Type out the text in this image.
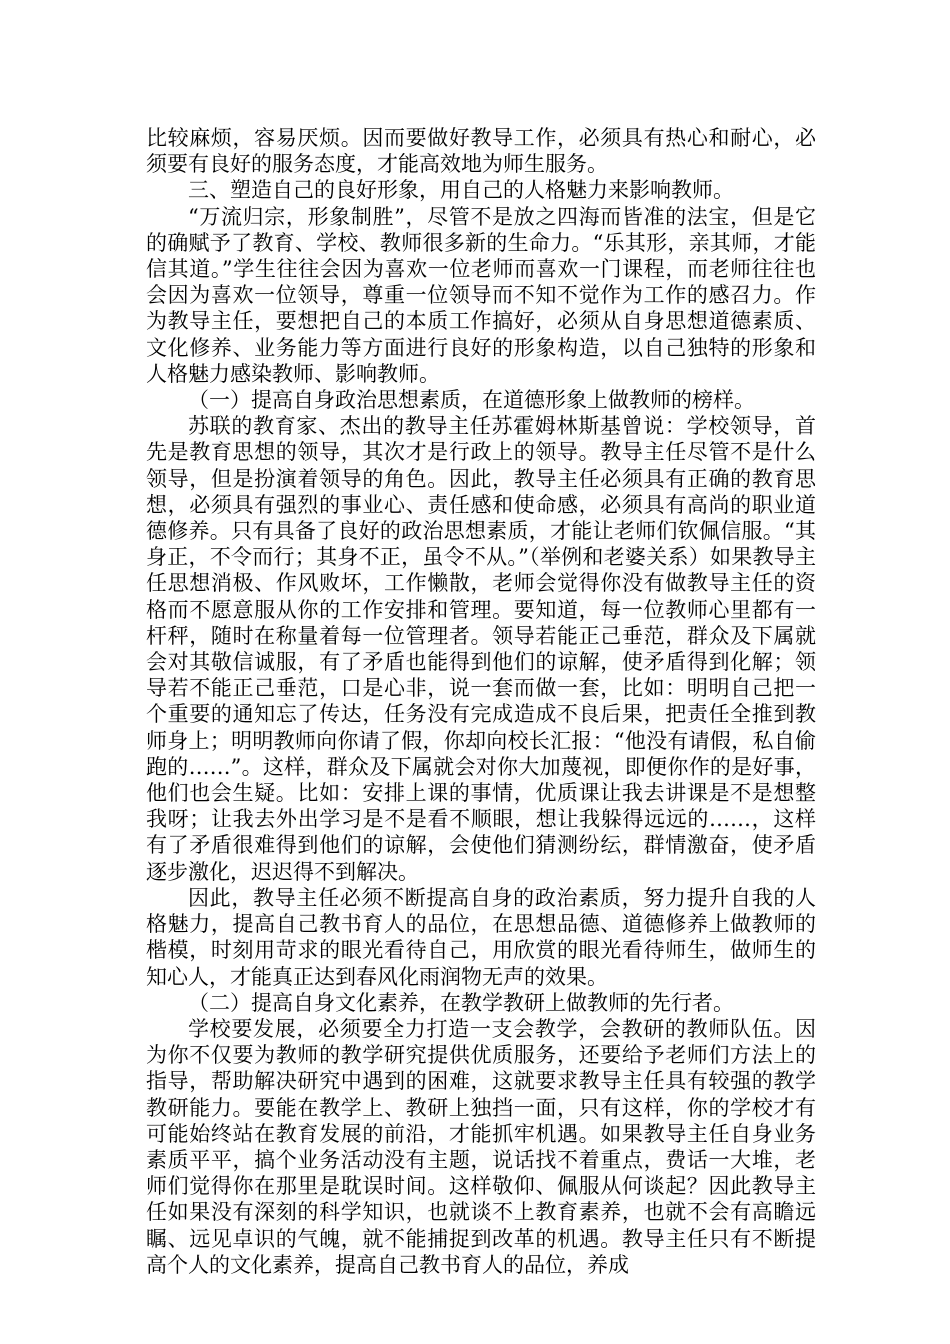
比较麻烦，容易厌烦。因而要做好教导工作，必须具有热心和耐心，必须要有良好的服务态度，才能高效地为师生服务。

三、塑造自己的良好形象，用自己的人格魅力来影响教师。

“万流归宗，形象制胜”，尽管不是放之四海而皆准的法宝，但是它的确赋予了教育、学校、教师很多新的生命力。“乐其形，亲其师，才能信其道。”学生往往会因为喜欢一位老师而喜欢一门课程，而老师往往也会因为喜欢一位领导，尊重一位领导而不知不觉作为工作的感召力。作为教导主任，要想把自己的本质工作搞好，必须从自身思想道德素质、文化修养、业务能力等方面进行良好的形象构造，以自己独特的形象和人格魅力感染教师、影响教师。

（一）提高自身政治思想素质，在道德形象上做教师的榜样。

苏联的教育家、杰出的教导主任苏霍姆林斯基曾说：学校领导，首先是教育思想的领导，其次才是行政上的领导。教导主任尽管不是什么领导，但是扮演着领导的角色。因此，教导主任必须具有正确的教育思想，必须具有强烈的事业心、责任感和使命感，必须具有高尚的职业道德修养。只有具备了良好的政治思想素质，才能让老师们钦佩信服。“其身正，不令而行；其身不正，虽令不从。”（举例和老婆关系）如果教导主任思想消极、作风败坏，工作懒散，老师会觉得你没有做教导主任的资格而不愿意服从你的工作安排和管理。要知道，每一位教师心里都有一杆秤，随时在称量着每一位管理者。领导若能正己垂范，群众及下属就会对其敬信诚服，有了矛盾也能得到他们的谅解，使矛盾得到化解；领导若不能正己垂范，口是心非，说一套而做一套，比如：明明自己把一个重要的通知忘了传达，任务没有完成造成不良后果，把责任全推到教师身上；明明教师向你请了假，你却向校长汇报：“他没有请假，私自偷跑的……”。这样，群众及下属就会对你大加蔑视，即便你作的是好事，他们也会生疑。比如：安排上课的事情，优质课让我去讲课是不是想整我呀；让我去外出学习是不是看不顺眼，想让我躲得远远的……，这样有了矛盾很难得到他们的谅解，会使他们猜测纷纭，群情激奋，使矛盾逐步激化，迟迟得不到解决。

因此，教导主任必须不断提高自身的政治素质，努力提升自我的人格魅力，提高自己教书育人的品位，在思想品德、道德修养上做教师的楷模，时刻用苛求的眼光看待自己，用欣赏的眼光看待师生，做师生的知心人，才能真正达到春风化雨润物无声的效果。

（二）提高自身文化素养，在教学教研上做教师的先行者。

学校要发展，必须要全力打造一支会教学，会教研的教师队伍。因为你不仅要为教师的教学研究提供优质服务，还要给予老师们方法上的指导，帮助解决研究中遇到的困难，这就要求教导主任具有较强的教学教研能力。要能在教学上、教研上独挡一面，只有这样，你的学校才有可能始终站在教育发展的前沿，才能抓牢机遇。如果教导主任自身业务素质平平，搞个业务活动没有主题，说话找不着重点，费话一大堆，老师们觉得你在那里是耽误时间。这样敬仰、佩服从何谈起？因此教导主任如果没有深刻的科学知识，也就谈不上教育素养，也就不会有高瞻远瞩、远见卓识的气魄，就不能捕捉到改革的机遇。教导主任只有不断提高个人的文化素养，提高自己教书育人的品位，养成
